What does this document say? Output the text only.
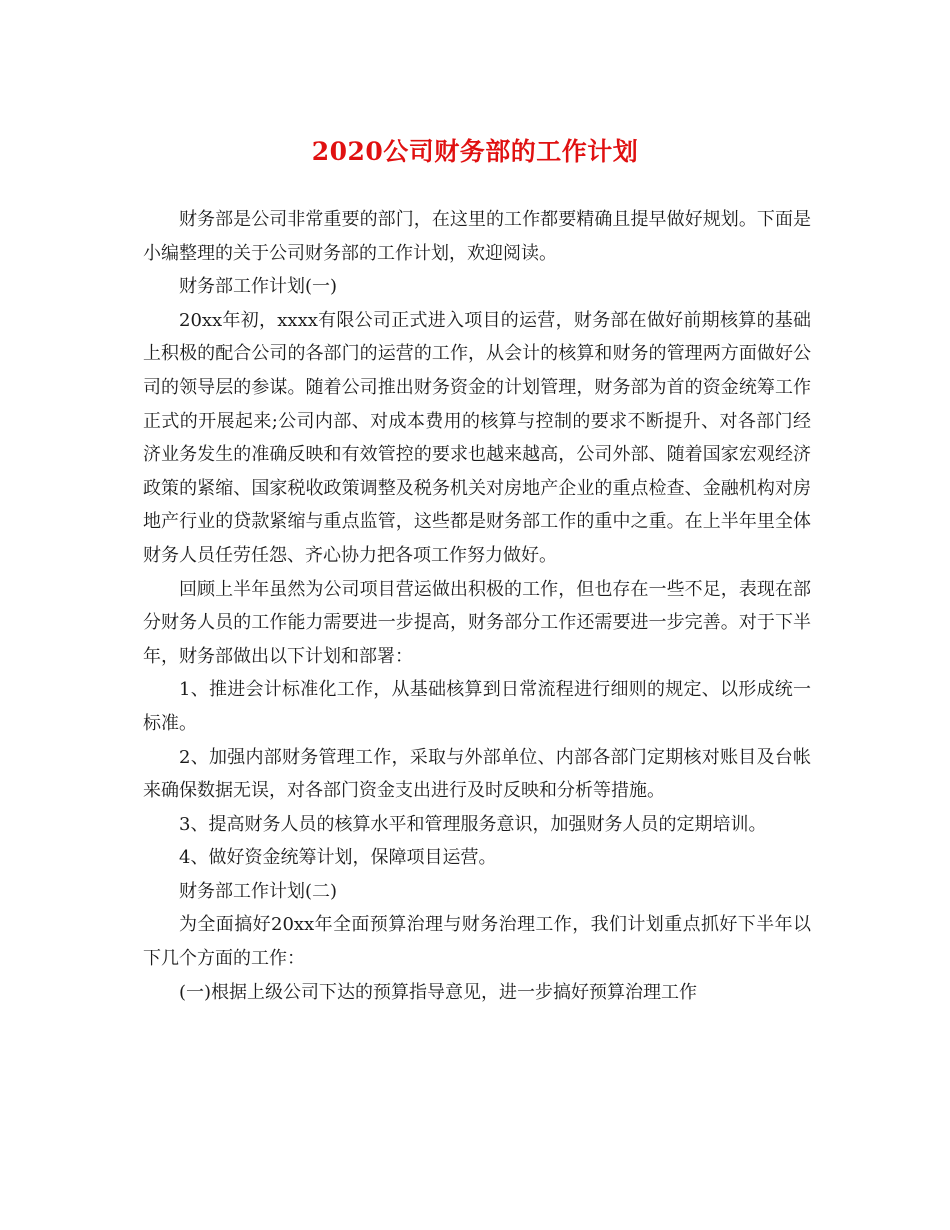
2020公司财务部的工作计划

财务部是公司非常重要的部门，在这里的工作都要精确且提早做好规划。下面是小编整理的关于公司财务部的工作计划，欢迎阅读。

财务部工作计划(一)

20xx年初，xxxx有限公司正式进入项目的运营，财务部在做好前期核算的基础上积极的配合公司的各部门的运营的工作，从会计的核算和财务的管理两方面做好公司的领导层的参谋。随着公司推出财务资金的计划管理，财务部为首的资金统筹工作正式的开展起来;公司内部、对成本费用的核算与控制的要求不断提升、对各部门经济业务发生的准确反映和有效管控的要求也越来越高，公司外部、随着国家宏观经济政策的紧缩、国家税收政策调整及税务机关对房地产企业的重点检查、金融机构对房地产行业的贷款紧缩与重点监管，这些都是财务部工作的重中之重。在上半年里全体财务人员任劳任怨、齐心协力把各项工作努力做好。

回顾上半年虽然为公司项目营运做出积极的工作，但也存在一些不足，表现在部分财务人员的工作能力需要进一步提高，财务部分工作还需要进一步完善。对于下半年，财务部做出以下计划和部署：

1、推进会计标准化工作，从基础核算到日常流程进行细则的规定、以形成统一标准。

2、加强内部财务管理工作，采取与外部单位、内部各部门定期核对账目及台帐来确保数据无误，对各部门资金支出进行及时反映和分析等措施。

3、提高财务人员的核算水平和管理服务意识，加强财务人员的定期培训。

4、做好资金统筹计划，保障项目运营。

财务部工作计划(二)

为全面搞好20xx年全面预算治理与财务治理工作，我们计划重点抓好下半年以下几个方面的工作：

(一)根据上级公司下达的预算指导意见，进一步搞好预算治理工作
